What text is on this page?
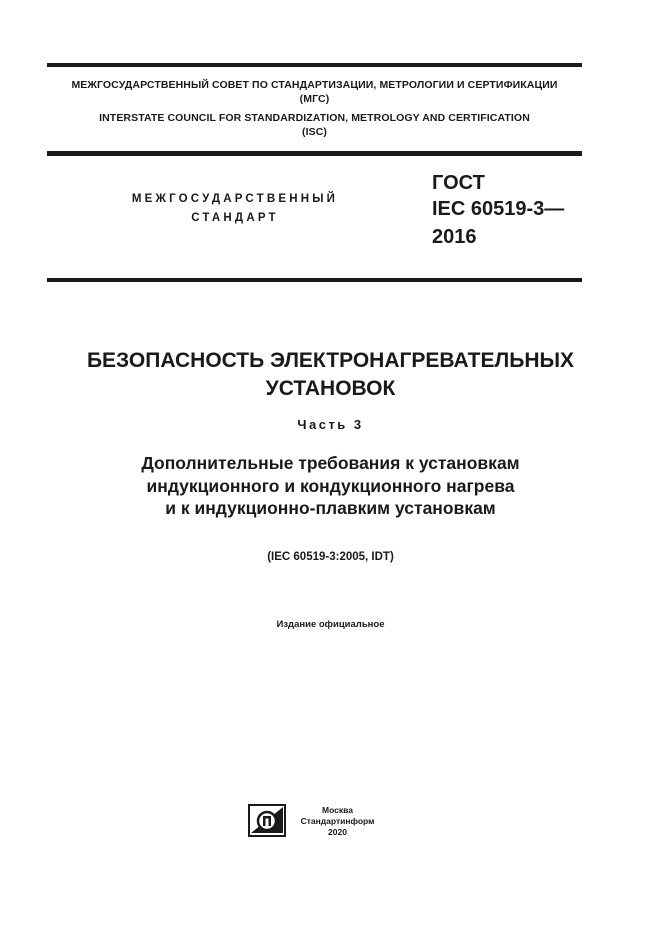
МЕЖГОСУДАРСТВЕННЫЙ СОВЕТ ПО СТАНДАРТИЗАЦИИ, МЕТРОЛОГИИ И СЕРТИФИКАЦИИ
(МГС)
INTERSTATE COUNCIL FOR STANDARDIZATION, METROLOGY AND CERTIFICATION
(ISC)
МЕЖГОСУДАРСТВЕННЫЙ
СТАНДАРТ
ГОСТ
IEC 60519-3—
2016
БЕЗОПАСНОСТЬ ЭЛЕКТРОНАГРЕВАТЕЛЬНЫХ
УСТАНОВОК
Часть 3
Дополнительные требования к установкам
индукционного и кондукционного нагрева
и к индукционно-плавким установкам
(IEC 60519-3:2005, IDT)
Издание официальное
Москва
Стандартинформ
2020
